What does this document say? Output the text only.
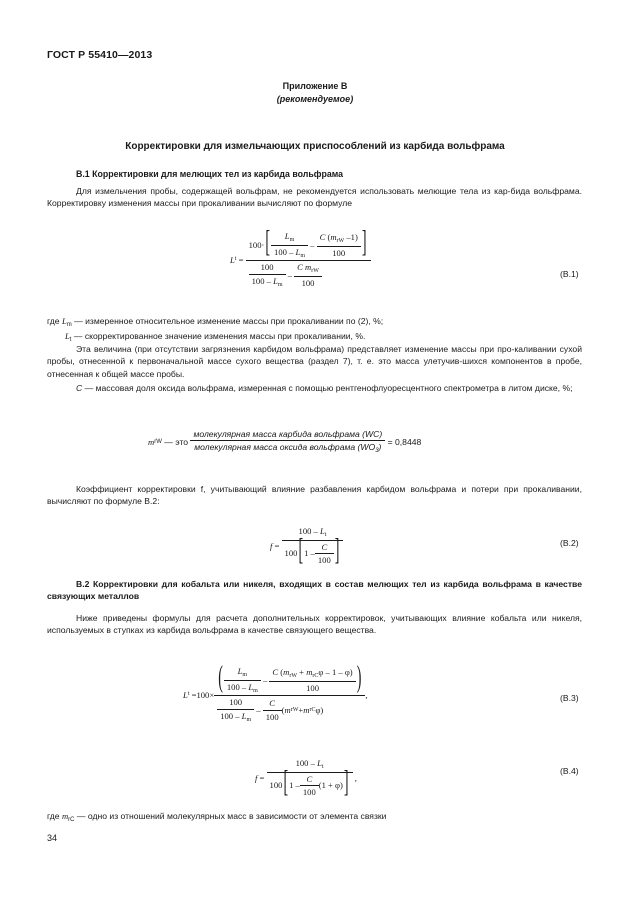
ГОСТ Р 55410—2013
Приложение В
(рекомендуемое)
Корректировки для измельчающих приспособлений из карбида вольфрама
В.1 Корректировки для мелющих тел из карбида вольфрама
Для измельчения пробы, содержащей вольфрам, не рекомендуется использовать мелющие тела из кар-бида вольфрама. Корректировку изменения массы при прокаливании вычисляют по формуле
L $t = \frac{100\cdot [ \frac{L_m}{100 - L_m} - \frac{C (m_{rW} -1)}{100} ]}{\frac{100}{100 - L_m} - \frac{C m_{rW}}{100}}$	(В.1)
где $L_m$ — измеренное относительное изменение массы при прокаливании по (2), %;
$L_t$ — скорректированное значение изменения массы при прокаливании, %.
Эта величина (при отсутствии загрязнения карбидом вольфрама) представляет изменение массы при про-каливании сухой пробы, отнесенной к первоначальной массе сухого вещества (раздел 7), т. е. это масса улетучив-шихся компонентов в пробе, отнесенная к общей массе пробы.
C — массовая доля оксида вольфрама, измеренная с помощью рентгенофлуоресцентного спектрометра в литом диске, %;
m rW
— это
$\frac{\text{молекулярная масса карбида вольфрама (WC)}}{молекулярная масса оксида вольфрама (WO_3)}$
= 0,8448
Коэффициент корректировки f, учитывающий влияние разбавления карбидом вольфрама и потери при прокаливании, вычисляют по формуле В.2:
$f = \frac{100 - L_t}{100 [ 1 - \frac{C}{100} ]}$	(В.2)
В.2 Корректировки для кобальта или никеля, входящих в состав мелющих тел из карбида вольфрама в качестве связующих металлов
Ниже приведены формулы для расчета дополнительных корректировок, учитывающих влияние кобальта или никеля, используемых в ступках из карбида вольфрама в качестве связующего вещества.
L $t =100\times \frac{( \frac{L_m}{100 - L_m} - \frac{C (m_{rW} + m_{rC}\varphi - 1 - \varphi)}{100} )}{\frac{100}{100 - L_m} - \frac{C}{100} ( m rW + m rC \varphi)}$ ,	(В.3)
$f = \frac{100 - L_t}{100 [ 1 - \frac{C}{100} (1 + \varphi) ]}$ ,
(В.4)
где $m_{rC}$ — одно из отношений молекулярных масс в зависимости от элемента связки
34
